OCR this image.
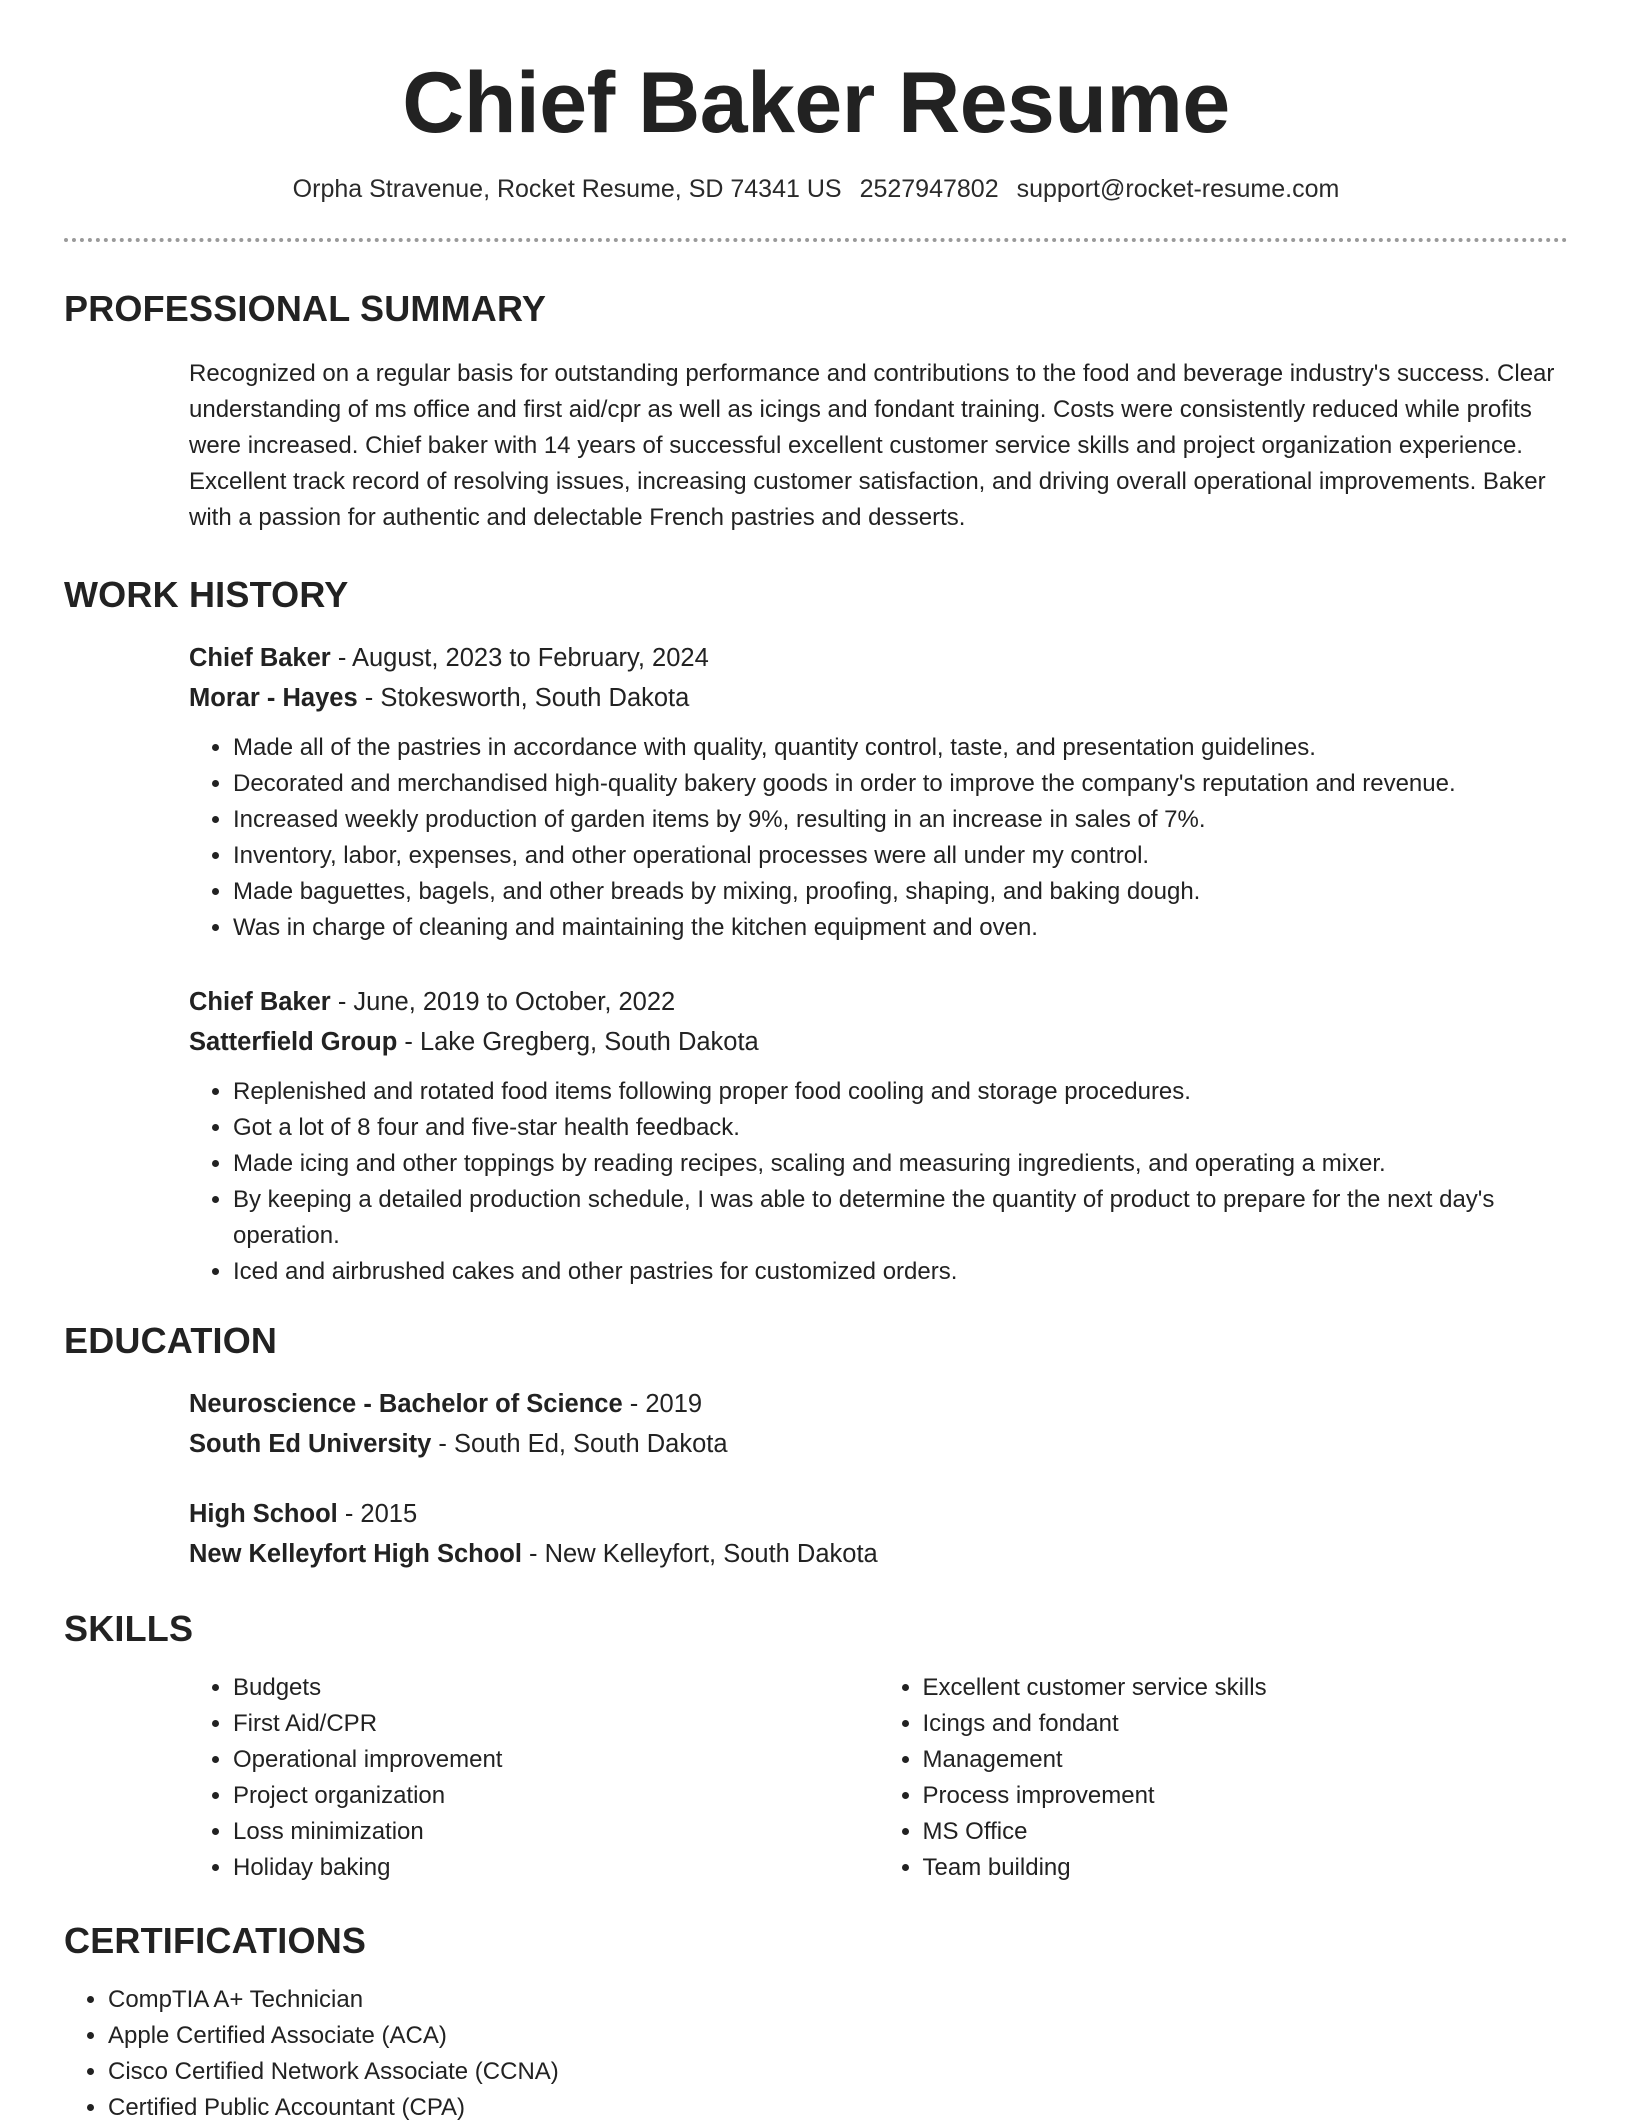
Chief Baker Resume
Orpha Stravenue, Rocket Resume, SD 74341 US 2527947802 support@rocket-resume.com
PROFESSIONAL SUMMARY
Recognized on a regular basis for outstanding performance and contributions to the food and beverage industry's success. Clear understanding of ms office and first aid/cpr as well as icings and fondant training. Costs were consistently reduced while profits were increased. Chief baker with 14 years of successful excellent customer service skills and project organization experience. Excellent track record of resolving issues, increasing customer satisfaction, and driving overall operational improvements. Baker with a passion for authentic and delectable French pastries and desserts.
WORK HISTORY
Chief Baker - August, 2023 to February, 2024
Morar - Hayes - Stokesworth, South Dakota
• Made all of the pastries in accordance with quality, quantity control, taste, and presentation guidelines.
• Decorated and merchandised high-quality bakery goods in order to improve the company's reputation and revenue.
• Increased weekly production of garden items by 9%, resulting in an increase in sales of 7%.
• Inventory, labor, expenses, and other operational processes were all under my control.
• Made baguettes, bagels, and other breads by mixing, proofing, shaping, and baking dough.
• Was in charge of cleaning and maintaining the kitchen equipment and oven.
Chief Baker - June, 2019 to October, 2022
Satterfield Group - Lake Gregberg, South Dakota
• Replenished and rotated food items following proper food cooling and storage procedures.
• Got a lot of 8 four and five-star health feedback.
• Made icing and other toppings by reading recipes, scaling and measuring ingredients, and operating a mixer.
• By keeping a detailed production schedule, I was able to determine the quantity of product to prepare for the next day's operation.
• Iced and airbrushed cakes and other pastries for customized orders.
EDUCATION
Neuroscience - Bachelor of Science - 2019
South Ed University - South Ed, South Dakota
High School - 2015
New Kelleyfort High School - New Kelleyfort, South Dakota
SKILLS
• Budgets
• First Aid/CPR
• Operational improvement
• Project organization
• Loss minimization
• Holiday baking
• Excellent customer service skills
• Icings and fondant
• Management
• Process improvement
• MS Office
• Team building
CERTIFICATIONS
• CompTIA A+ Technician
• Apple Certified Associate (ACA)
• Cisco Certified Network Associate (CCNA)
• Certified Public Accountant (CPA)
